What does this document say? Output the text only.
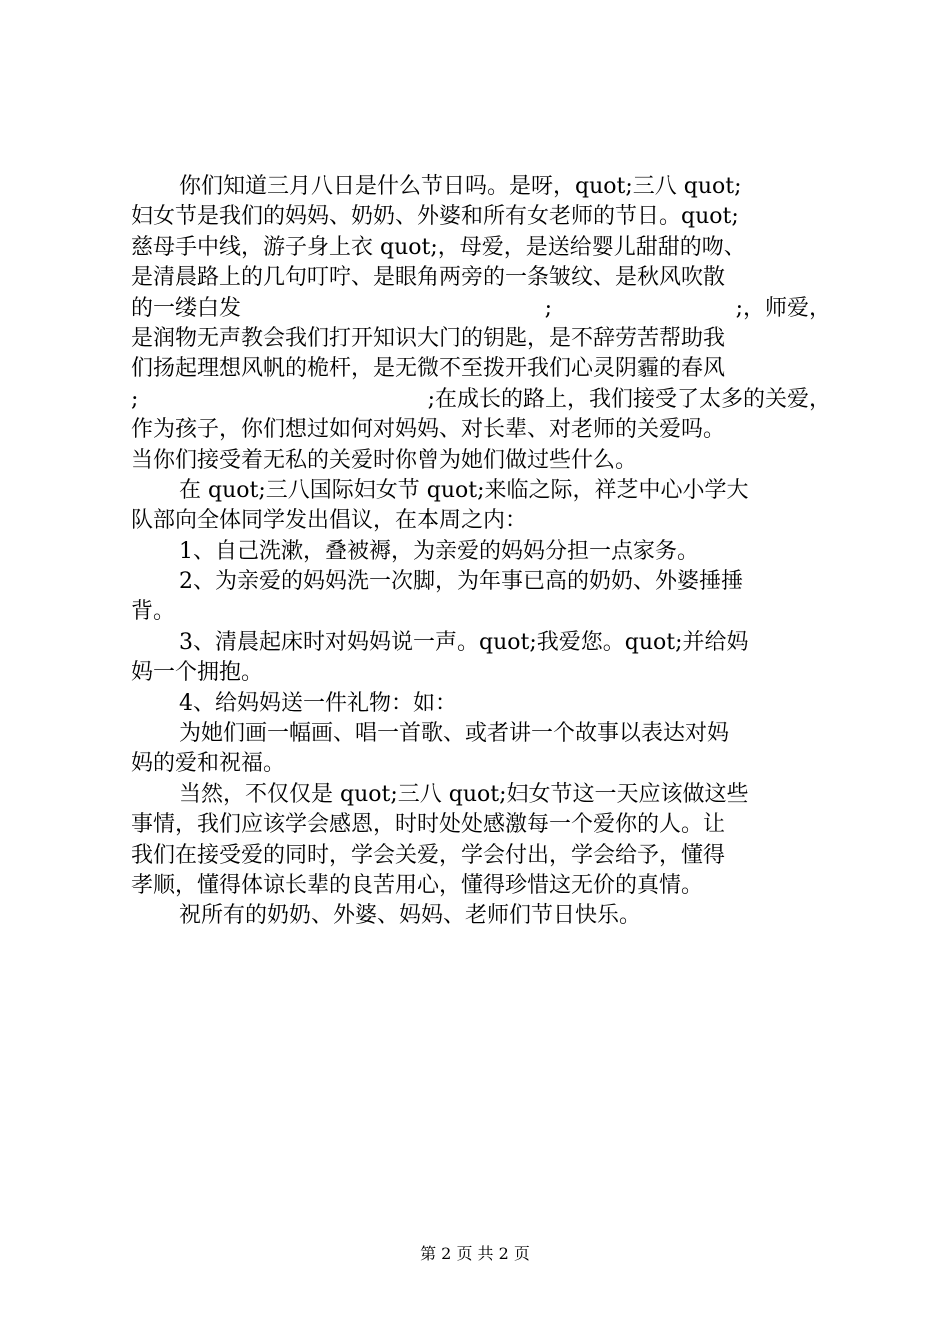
你们知道三月八日是什么节日吗。是呀，quot;三八 quot;
妇女节是我们的妈妈、奶奶、外婆和所有女老师的节日。quot;
慈母手中线，游子身上衣 quot;，母爱，是送给婴儿甜甜的吻、
是清晨路上的几句叮咛、是眼角两旁的一条皱纹、是秋风吹散
的一缕白发	;	;，师爱，
是润物无声教会我们打开知识大门的钥匙，是不辞劳苦帮助我
们扬起理想风帆的桅杆，是无微不至拨开我们心灵阴霾的春风
;	;在成长的路上，我们接受了太多的关爱，
作为孩子，你们想过如何对妈妈、对长辈、对老师的关爱吗。
当你们接受着无私的关爱时你曾为她们做过些什么。
在 quot;三八国际妇女节 quot;来临之际，祥芝中心小学大
队部向全体同学发出倡议，在本周之内：
1、自己洗漱，叠被褥，为亲爱的妈妈分担一点家务。
2、为亲爱的妈妈洗一次脚，为年事已高的奶奶、外婆捶捶
背。
3、清晨起床时对妈妈说一声。quot;我爱您。quot;并给妈
妈一个拥抱。
4、给妈妈送一件礼物：如：
为她们画一幅画、唱一首歌、或者讲一个故事以表达对妈
妈的爱和祝福。
当然，不仅仅是 quot;三八 quot;妇女节这一天应该做这些
事情，我们应该学会感恩，时时处处感激每一个爱你的人。让
我们在接受爱的同时，学会关爱，学会付出，学会给予，懂得
孝顺，懂得体谅长辈的良苦用心，懂得珍惜这无价的真情。
祝所有的奶奶、外婆、妈妈、老师们节日快乐。
第 2 页 共 2 页
